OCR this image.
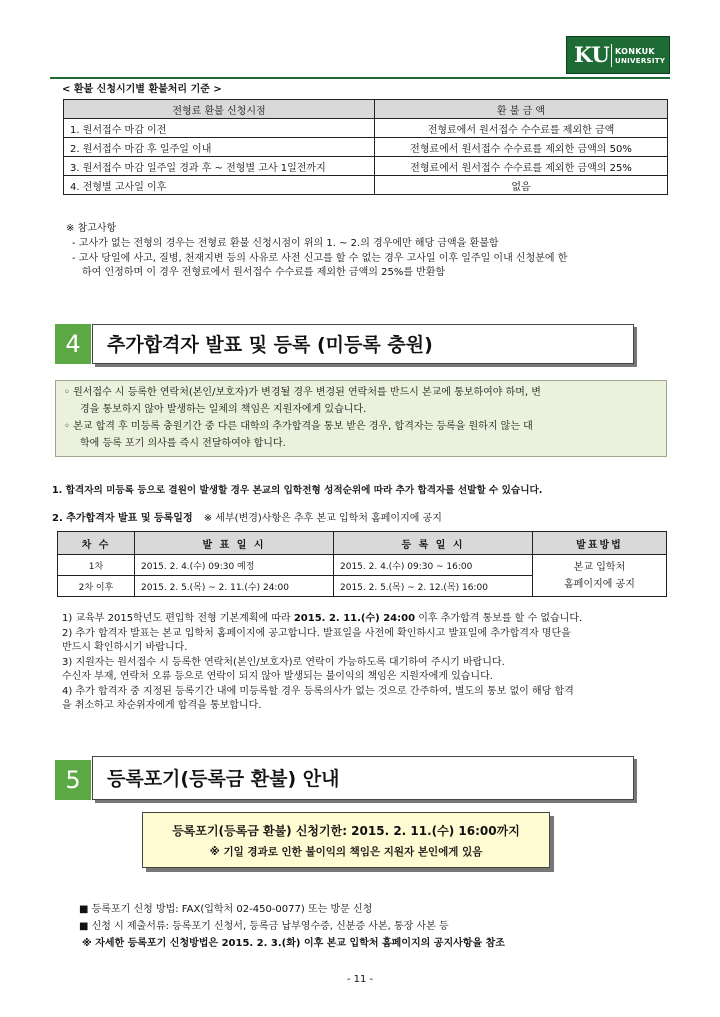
KU KONKUK
UNIVERSITY
< 환불 신청시기별 환불처리 기준 >
전형료 환불 신청시점	환 불 금 액
1. 원서접수 마감 이전	전형료에서 원서접수 수수료를 제외한 금액
2. 원서접수 마감 후 일주일 이내	전형료에서 원서접수 수수료를 제외한 금액의 50%
3. 원서접수 마감 일주일 경과 후 ~ 전형별 고사 1일전까지	전형료에서 원서접수 수수료를 제외한 금액의 25%
4. 전형별 고사일 이후	없음
※ 참고사항
- 고사가 없는 전형의 경우는 전형료 환불 신청시점이 위의 1. ~ 2.의 경우에만 해당 금액을 환불함
- 고사 당일에 사고, 질병, 천재지변 등의 사유로 사전 신고를 할 수 없는 경우 고사일 이후 일주일 이내 신청분에 한
하여 인정하며 이 경우 전형료에서 원서접수 수수료를 제외한 금액의 25%를 반환함
4	추가합격자 발표 및 등록 (미등록 충원)
◦ 원서접수 시 등록한 연락처(본인/보호자)가 변경될 경우 변경된 연락처를 반드시 본교에 통보하여야 하며, 변
경을 통보하지 않아 발생하는 일체의 책임은 지원자에게 있습니다.
◦ 본교 합격 후 미등록 충원기간 중 다른 대학의 추가합격을 통보 받은 경우, 합격자는 등록을 원하지 않는 대
학에 등록 포기 의사를 즉시 전달하여야 합니다.
1. 합격자의 미등록 등으로 결원이 발생할 경우 본교의 입학전형 성적순위에 따라 추가 합격자를 선발할 수 있습니다.
2. 추가합격자 발표 및 등록일정 ※ 세부(변경)사항은 추후 본교 입학처 홈페이지에 공지
차 수	발 표 일 시	등 록 일 시	발표방법
1차	2015. 2. 4.(수) 09:30 예정	2015. 2. 4.(수) 09:30 ~ 16:00	본교 입학처
홈페이지에 공지

2차 이후	2015. 2. 5.(목) ~ 2. 11.(수) 24:00	2015. 2. 5.(목) ~ 2. 12.(목) 16:00	
1) 교육부 2015학년도 편입학 전형 기본계획에 따라 2015. 2. 11.(수) 24:00 이후 추가합격 통보를 할 수 없습니다.
2) 추가 합격자 발표는 본교 입학처 홈페이지에 공고합니다. 발표일을 사전에 확인하시고 발표일에 추가합격자 명단을
반드시 확인하시기 바랍니다.
3) 지원자는 원서접수 시 등록한 연락처(본인/보호자)로 연락이 가능하도록 대기하여 주시기 바랍니다.
수신자 부재, 연락처 오류 등으로 연락이 되지 않아 발생되는 불이익의 책임은 지원자에게 있습니다.
4) 추가 합격자 중 지정된 등록기간 내에 미등록할 경우 등록의사가 없는 것으로 간주하여, 별도의 통보 없이 해당 합격
을 취소하고 차순위자에게 합격을 통보합니다.
5	등록포기(등록금 환불) 안내
등록포기(등록금 환불) 신청기한: 2015. 2. 11.(수) 16:00까지
※ 기일 경과로 인한 불이익의 책임은 지원자 본인에게 있음
■ 등록포기 신청 방법: FAX(입학처 02-450-0077) 또는 방문 신청
■ 신청 시 제출서류: 등록포기 신청서, 등록금 납부영수증, 신분증 사본, 통장 사본 등
※ 자세한 등록포기 신청방법은 2015. 2. 3.(화) 이후 본교 입학처 홈페이지의 공지사항을 참조
- 11 -
